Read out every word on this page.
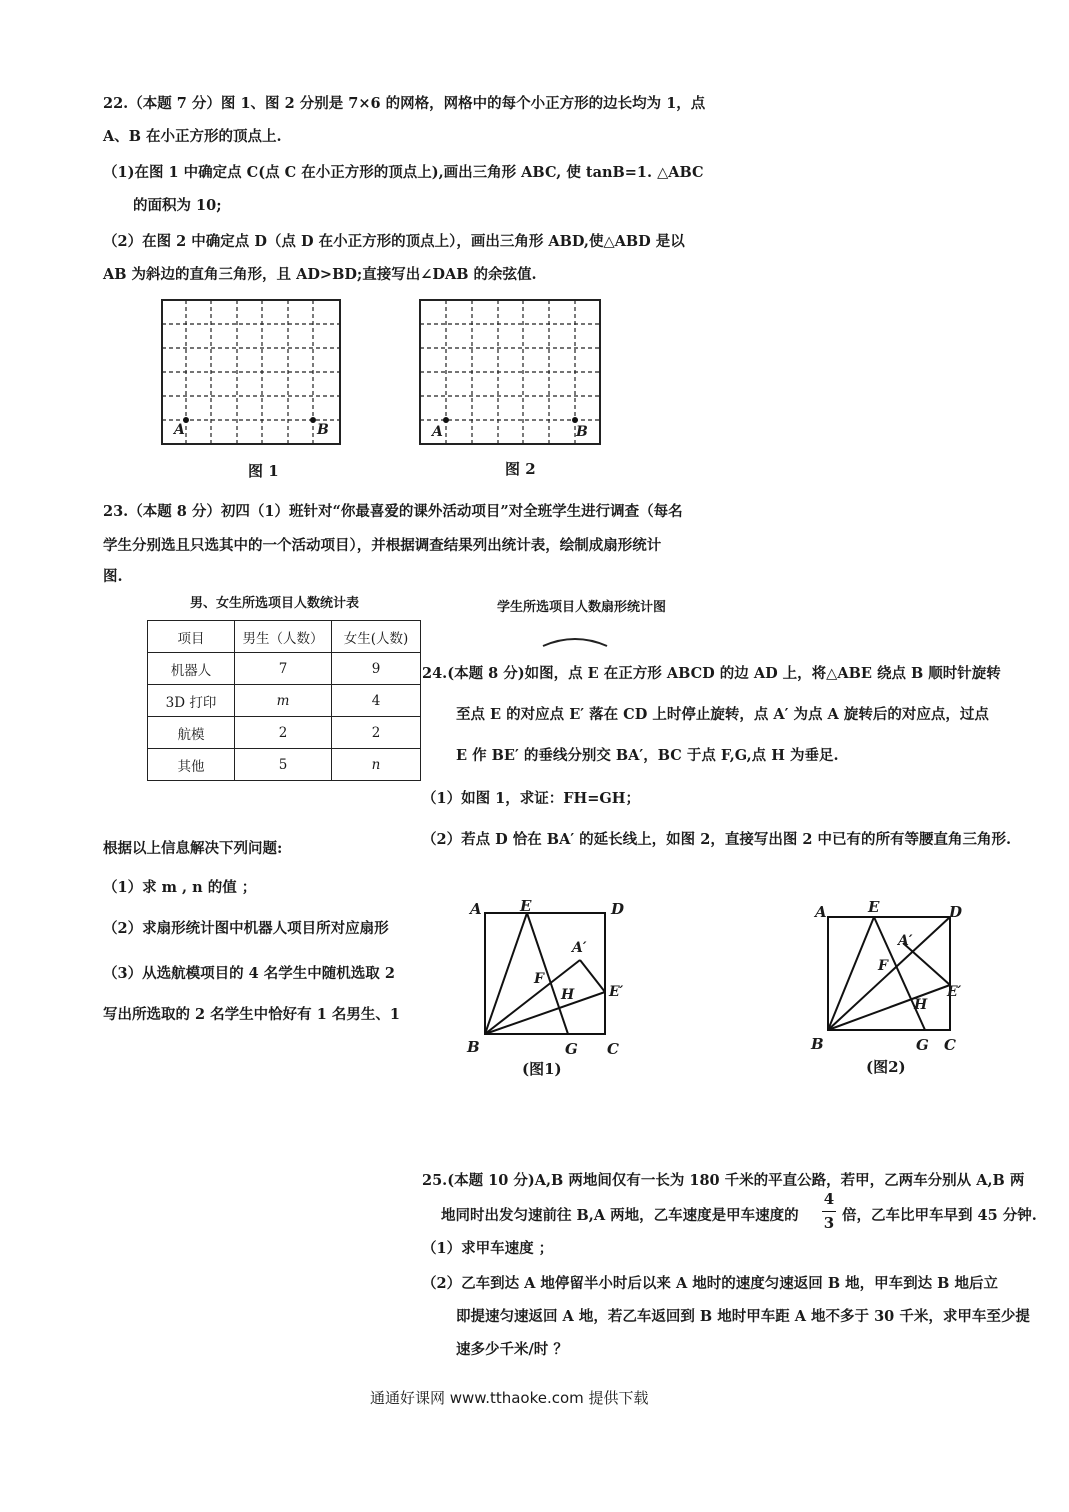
22.（本题 7 分）图 1、图 2 分别是 7×6 的网格，网格中的每个小正方形的边长均为 1，点
A、B 在小正方形的顶点上.
（1)在图 1 中确定点 C(点 C 在小正方形的顶点上),画出三角形 ABC, 使 tanB=1. △ABC
的面积为 10;
（2）在图 2 中确定点 D（点 D 在小正方形的顶点上），画出三角形 ABD,使△ABD 是以
AB 为斜边的直角三角形，且 AD>BD;直接写出∠DAB 的余弦值.
A	B
图 1
A	B
图 2
23.（本题 8 分）初四（1）班针对“你最喜爱的课外活动项目”对全班学生进行调查（每名
学生分别选且只选其中的一个活动项目），并根据调查结果列出统计表，绘制成扇形统计
图.
男、女生所选项目人数统计表	学生所选项目人数扇形统计图
项目	男生（人数）	女生(人数)
机器人	7	9
3D 打印	m	4
航模	2	2
其他	5	n
根据以上信息解决下列问题:
（1）求 m , n 的值 ；
（2）求扇形统计图中机器人项目所对应扇形
（3）从选航模项目的 4 名学生中随机选取 2
写出所选取的 2 名学生中恰好有 1 名男生、1
24.(本题 8 分)如图，点 E 在正方形 ABCD 的边 AD 上，将△ABE 绕点 B 顺时针旋转
至点 E 的对应点 E′ 落在 CD 上时停止旋转，点 A′ 为点 A 旋转后的对应点，过点
E 作 BE′ 的垂线分别交 BA′，BC 于点 F,G,点 H 为垂足.
（1）如图 1，求证：FH=GH；
（2）若点 D 恰在 BA′ 的延长线上，如图 2，直接写出图 2 中已有的所有等腰直角三角形.
A	E	D
A′
F
H E′
B	G C
(图1)
A	E	D
A′
F
H
E′
B	G C
(图2)
25.(本题 10 分)A,B 两地间仅有一长为 180 千米的平直公路，若甲，乙两车分别从 A,B 两
地同时出发匀速前往 B,A 两地，乙车速度是甲车速度的
4
3 倍，乙车比甲车早到 45 分钟.
（1）求甲车速度 ；
（2）乙车到达 A 地停留半小时后以来 A 地时的速度匀速返回 B 地，甲车到达 B 地后立
即提速匀速返回 A 地，若乙车返回到 B 地时甲车距 A 地不多于 30 千米，求甲车至少提
速多少千米/时 ？
通通好课网 www.tthaoke.com 提供下载
